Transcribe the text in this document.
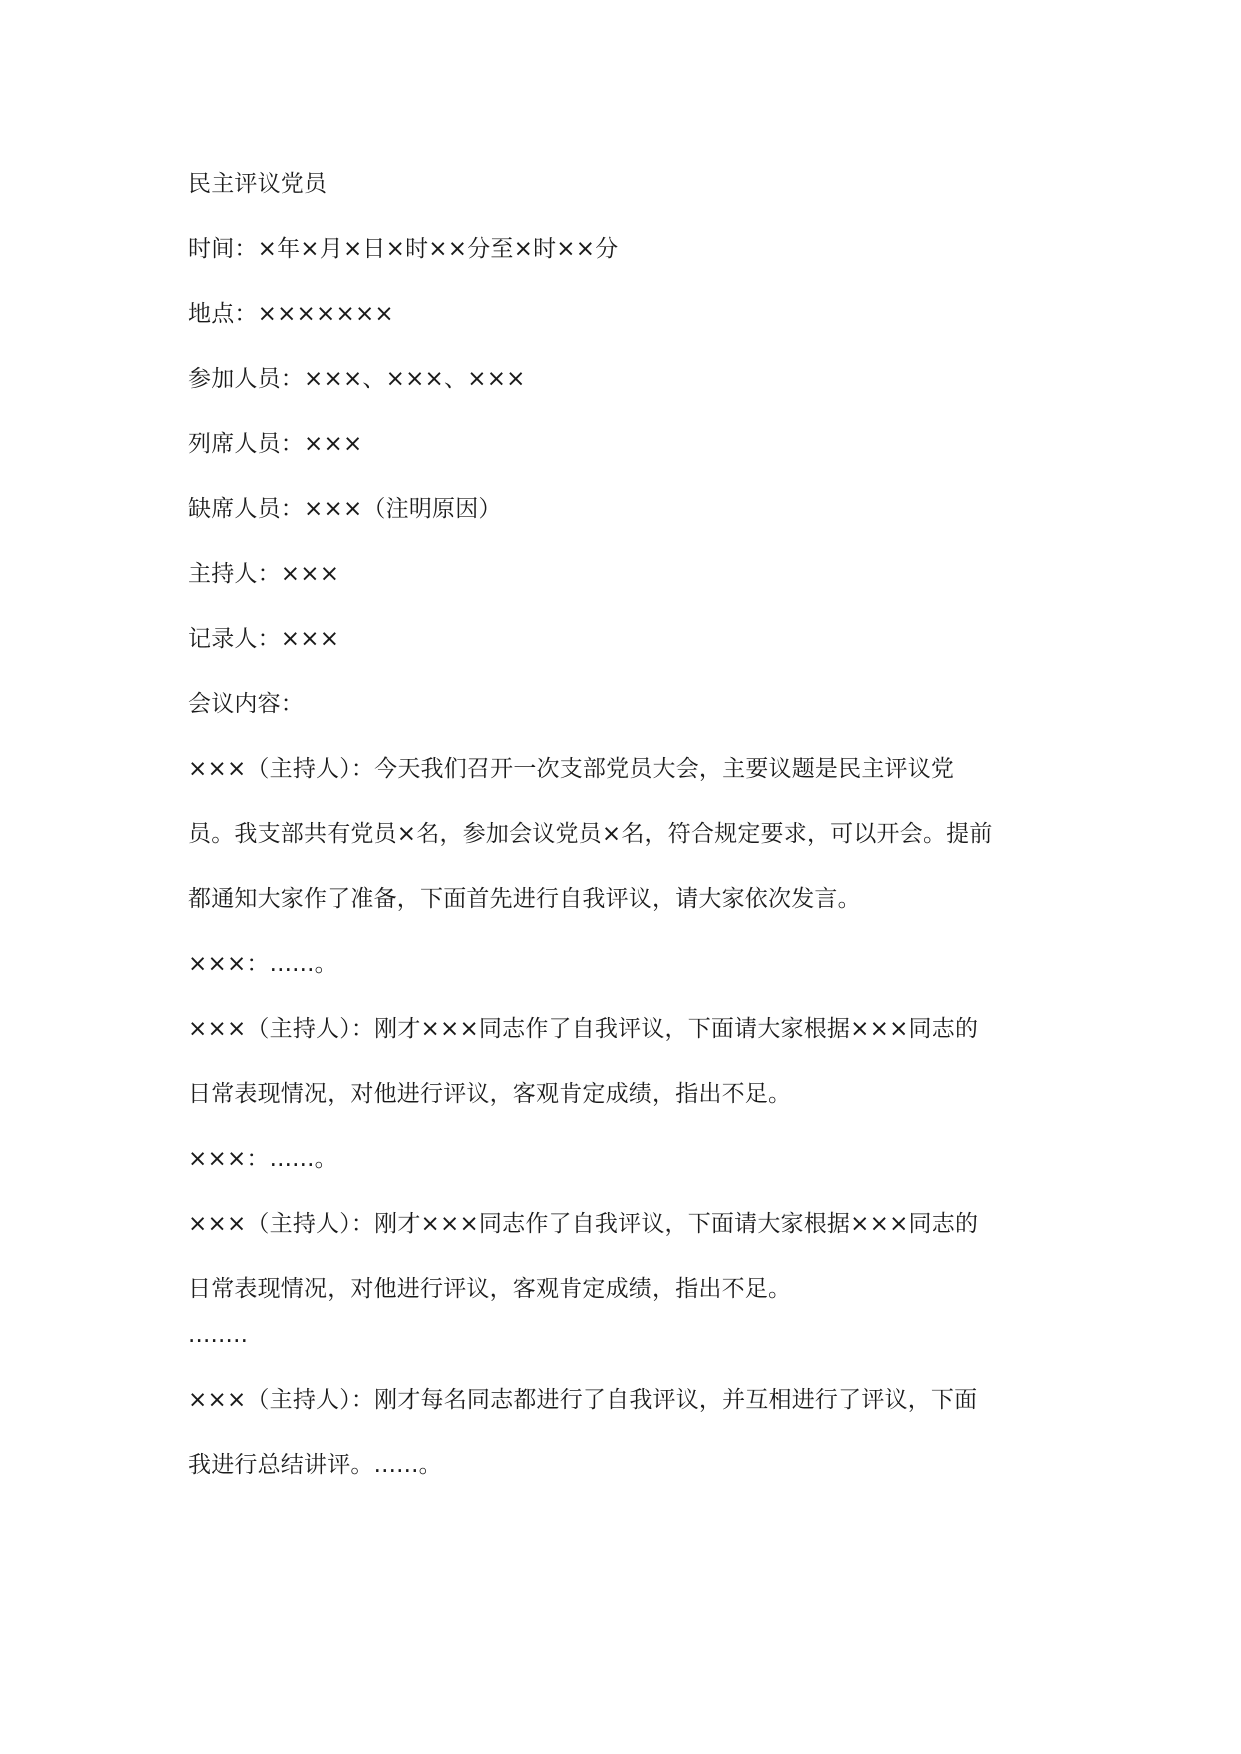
民主评议党员
时间：×年×月×日×时××分至×时××分
地点：×××××××
参加人员：×××、×××、×××
列席人员：×××
缺席人员：×××（注明原因）
主持人：×××
记录人：×××
会议内容：
×××（主持人）：今天我们召开一次支部党员大会，主要议题是民主评议党
员。我支部共有党员×名，参加会议党员×名，符合规定要求，可以开会。提前
都通知大家作了准备，下面首先进行自我评议，请大家依次发言。
×××：......。
×××（主持人）：刚才×××同志作了自我评议，下面请大家根据×××同志的
日常表现情况，对他进行评议，客观肯定成绩，指出不足。
×××：......。
×××（主持人）：刚才×××同志作了自我评议，下面请大家根据×××同志的
日常表现情况，对他进行评议，客观肯定成绩，指出不足。
........
×××（主持人）：刚才每名同志都进行了自我评议，并互相进行了评议，下面
我进行总结讲评。......。
